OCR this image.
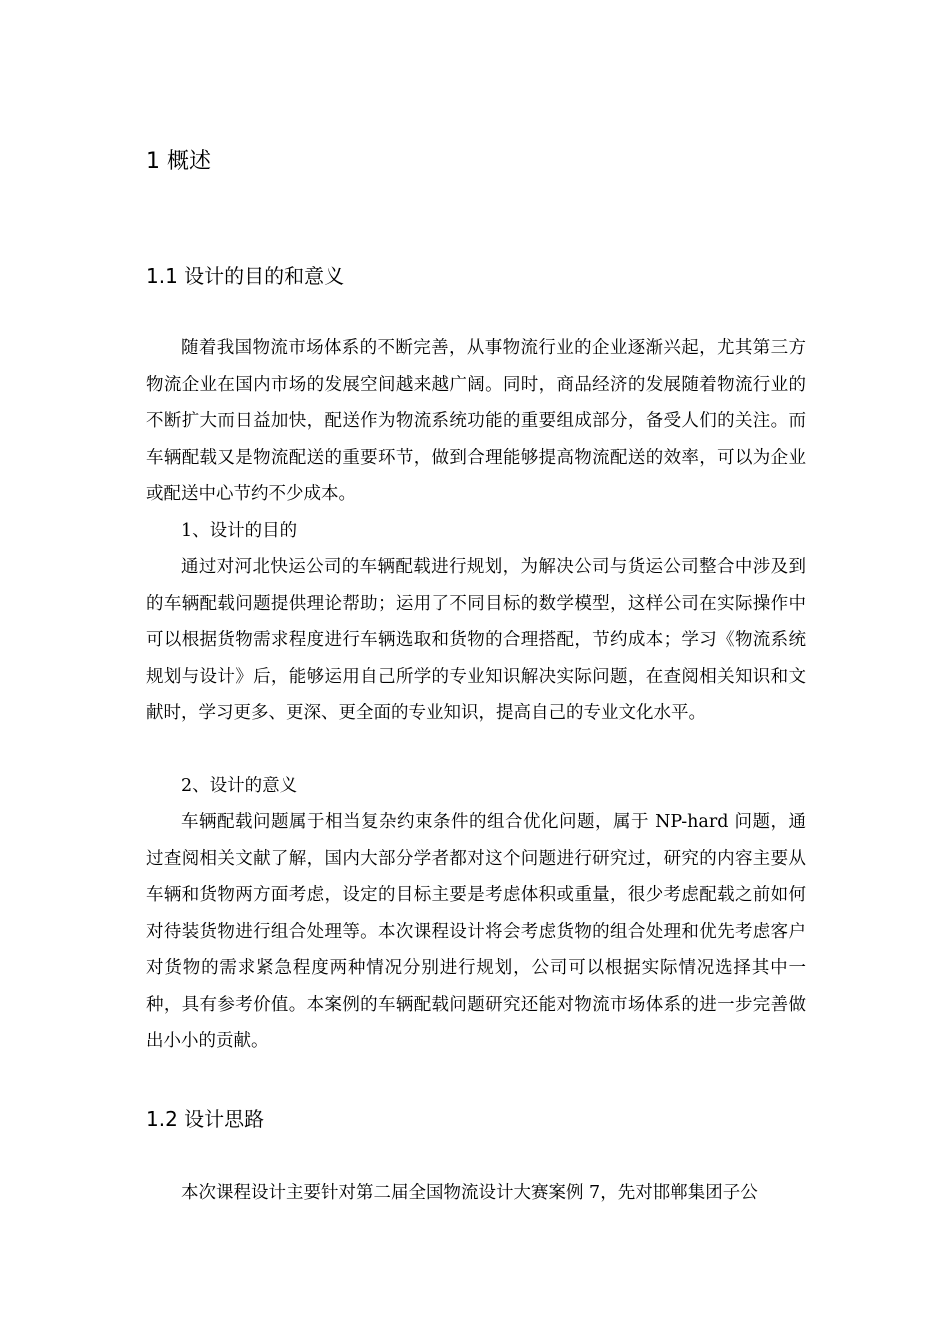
1 概述
1.1 设计的目的和意义

随着我国物流市场体系的不断完善，从事物流行业的企业逐渐兴起，尤其第三方物流企业在国内市场的发展空间越来越广阔。同时，商品经济的发展随着物流行业的不断扩大而日益加快，配送作为物流系统功能的重要组成部分，备受人们的关注。而车辆配载又是物流配送的重要环节，做到合理能够提高物流配送的效率，可以为企业或配送中心节约不少成本。

1、设计的目的

通过对河北快运公司的车辆配载进行规划，为解决公司与货运公司整合中涉及到的车辆配载问题提供理论帮助；运用了不同目标的数学模型，这样公司在实际操作中可以根据货物需求程度进行车辆选取和货物的合理搭配，节约成本；学习《物流系统规划与设计》后，能够运用自己所学的专业知识解决实际问题，在查阅相关知识和文献时，学习更多、更深、更全面的专业知识，提高自己的专业文化水平。

2、设计的意义

车辆配载问题属于相当复杂约束条件的组合优化问题，属于 NP-hard 问题，通过查阅相关文献了解，国内大部分学者都对这个问题进行研究过，研究的内容主要从车辆和货物两方面考虑，设定的目标主要是考虑体积或重量，很少考虑配载之前如何对待装货物进行组合处理等。本次课程设计将会考虑货物的组合处理和优先考虑客户对货物的需求紧急程度两种情况分别进行规划，公司可以根据实际情况选择其中一种，具有参考价值。本案例的车辆配载问题研究还能对物流市场体系的进一步完善做出小小的贡献。

1.2 设计思路

本次课程设计主要针对第二届全国物流设计大赛案例 7，先对邯郸集团子公
